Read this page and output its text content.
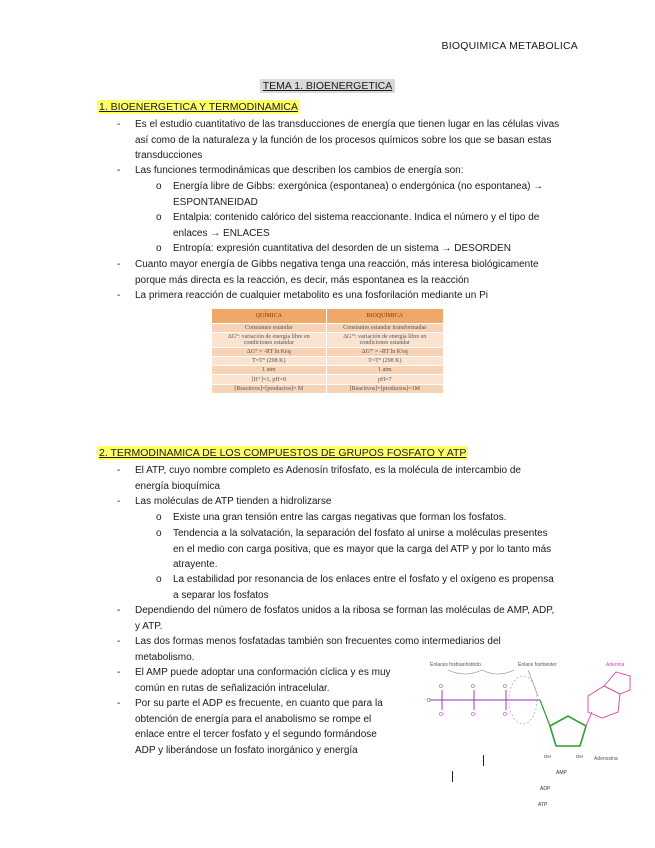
BIOQUIMICA METABOLICA
TEMA 1. BIOENERGETICA
1. BIOENERGETICA Y TERMODINAMICA
- Es el estudio cuantitativo de las transducciones de energía que tienen lugar en las células vivas
así como de la naturaleza y la función de los procesos químicos sobre los que se basan estas
transducciones
- Las funciones termodinámicas que describen los cambios de energía son:
o Energía libre de Gibbs: exergónica (espontanea) o endergónica (no espontanea) →
ESPONTANEIDAD
o Entalpia: contenido calórico del sistema reaccionante. Indica el número y el tipo de
enlaces → ENLACES
o Entropía: expresión cuantitativa del desorden de un sistema → DESORDEN
- Cuanto mayor energía de Gibbs negativa tenga una reacción, más interesa biológicamente
porque más directa es la reacción, es decir, más espontanea es la reacción
- La primera reacción de cualquier metabolito es una fosforilación mediante un Pi
QUÍMICA	BIOQUÍMICA
Constantes estandar	Constantes estandar transformadas
ΔG°: variación de energía libre en condiciones estandar	ΔG°': variación de energía libre en condiciones estandar
ΔG° = -RT ln Keq	ΔG°' = -RT ln K'eq
T=T° (298 K)	T=T° (298 K)
1 atm	1 atm
[H⁺]=1, pH=0	pH=7
[Reactivos]=[productos]= M	[Reactivos]=[productos]=1M
2. TERMODINAMICA DE LOS COMPUESTOS DE GRUPOS FOSFATO Y ATP
- El ATP, cuyo nombre completo es Adenosín trifosfato, es la molécula de intercambio de
energía bioquímica
- Las moléculas de ATP tienden a hidrolizarse
o Existe una gran tensión entre las cargas negativas que forman los fosfatos.
o Tendencia a la solvatación, la separación del fosfato al unirse a moléculas presentes
en el medio con carga positiva, que es mayor que la carga del ATP y por lo tanto más
atrayente.
o La estabilidad por resonancia de los enlaces entre el fosfato y el oxígeno es propensa
a separar los fosfatos
- Dependiendo del número de fosfatos unidos a la ribosa se forman las moléculas de AMP, ADP,
y ATP.
- Las dos formas menos fosfatadas también son frecuentes como intermediarios del
metabolismo.
- El AMP puede adoptar una conformación cíclica y es muy
común en rutas de señalización intracelular.
- Por su parte el ADP es frecuente, en cuanto que para la
obtención de energía para el anabolismo se rompe el
enlace entre el tercer fosfato y el segundo formándose
ADP y liberándose un fosfato inorgánico y energía
Enlaces fosfoanhídrido	Enlace fosfoéster
O	O	O
O⁻	O⁻	O⁻
⁻O
OH	OH
Adenina
Adenosina
AMP
ADP
ATP
